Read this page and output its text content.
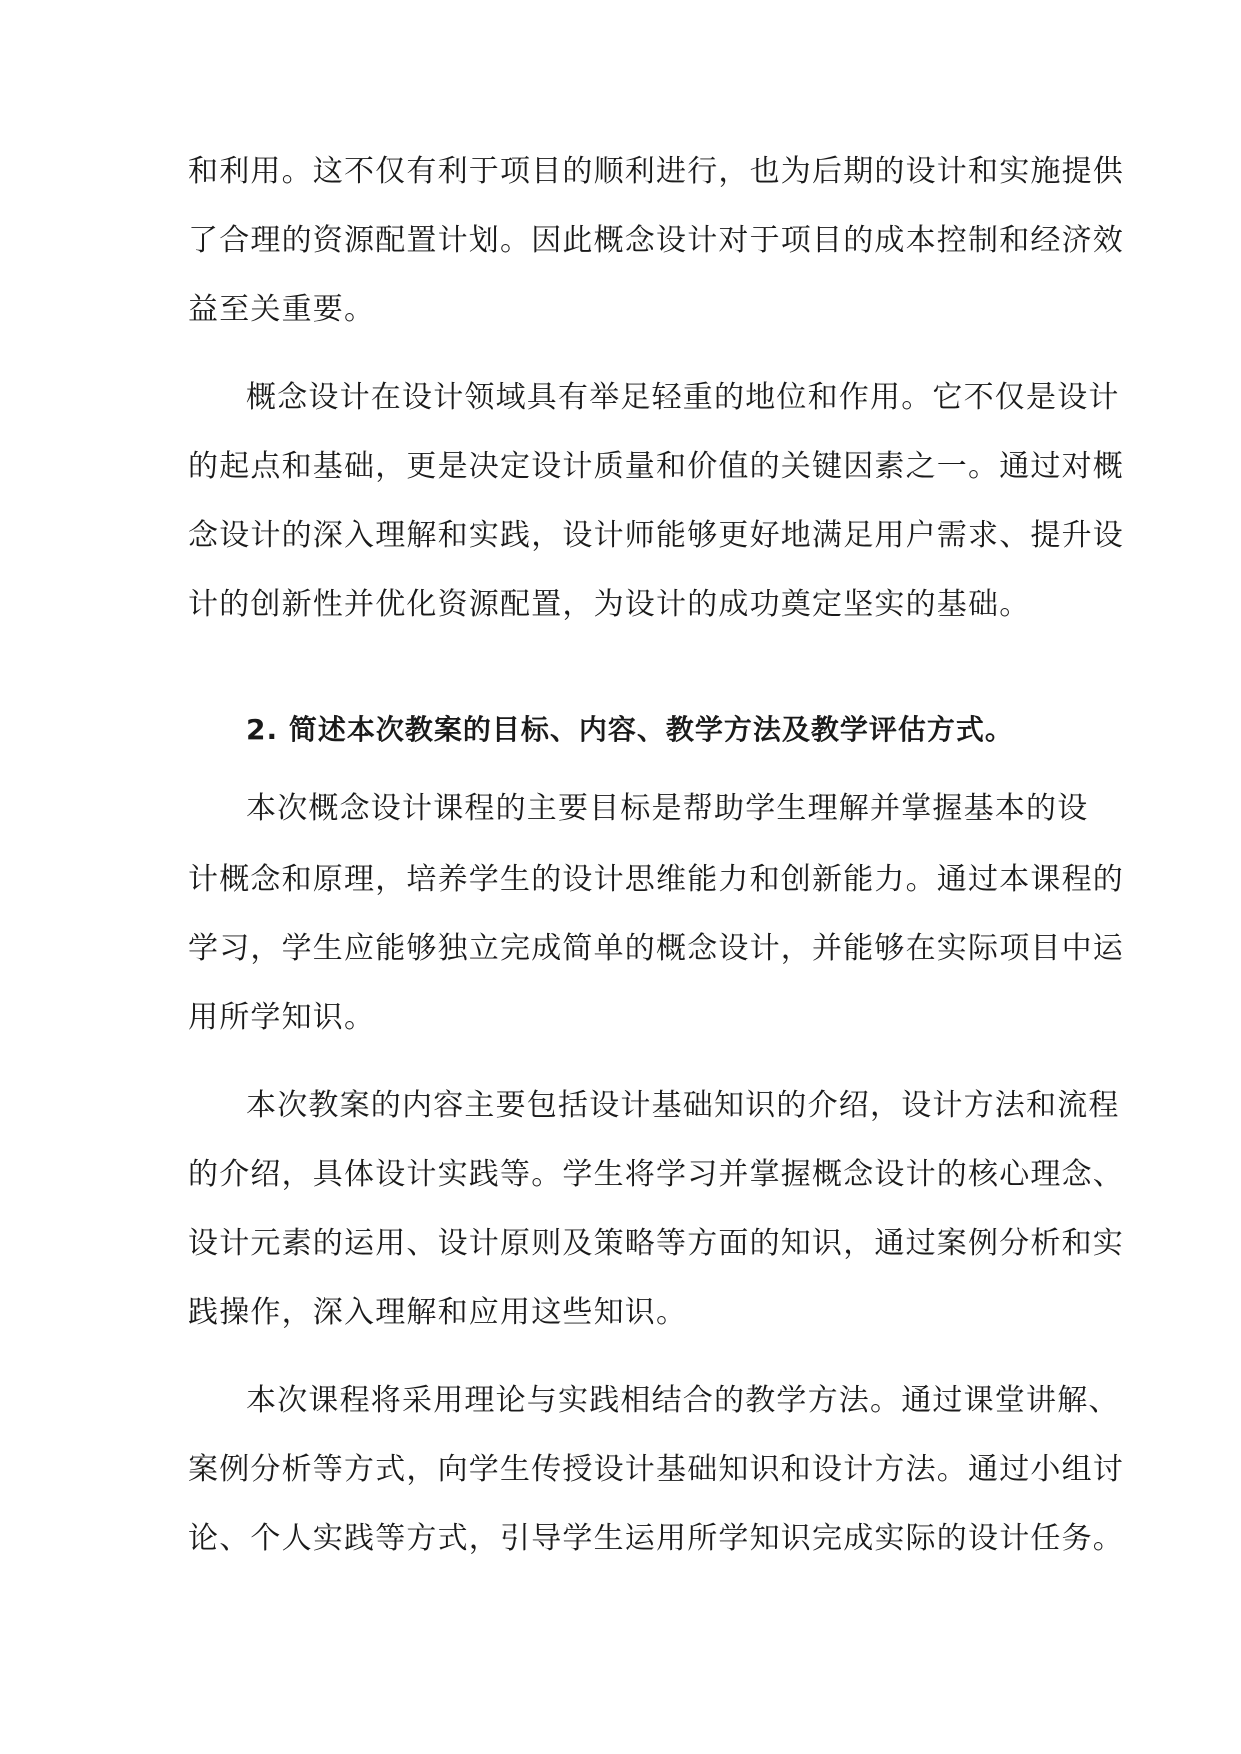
和利用。这不仅有利于项目的顺利进行，也为后期的设计和实施提供

了合理的资源配置计划。因此概念设计对于项目的成本控制和经济效

益至关重要。

概念设计在设计领域具有举足轻重的地位和作用。它不仅是设计

的起点和基础，更是决定设计质量和价值的关键因素之一。通过对概

念设计的深入理解和实践，设计师能够更好地满足用户需求、提升设

计的创新性并优化资源配置，为设计的成功奠定坚实的基础。

2. 简述本次教案的目标、内容、教学方法及教学评估方式。

本次概念设计课程的主要目标是帮助学生理解并掌握基本的设

计概念和原理，培养学生的设计思维能力和创新能力。通过本课程的

学习，学生应能够独立完成简单的概念设计，并能够在实际项目中运

用所学知识。

本次教案的内容主要包括设计基础知识的介绍，设计方法和流程

的介绍，具体设计实践等。学生将学习并掌握概念设计的核心理念、

设计元素的运用、设计原则及策略等方面的知识，通过案例分析和实

践操作，深入理解和应用这些知识。

本次课程将采用理论与实践相结合的教学方法。通过课堂讲解、

案例分析等方式，向学生传授设计基础知识和设计方法。通过小组讨

论、个人实践等方式，引导学生运用所学知识完成实际的设计任务。
